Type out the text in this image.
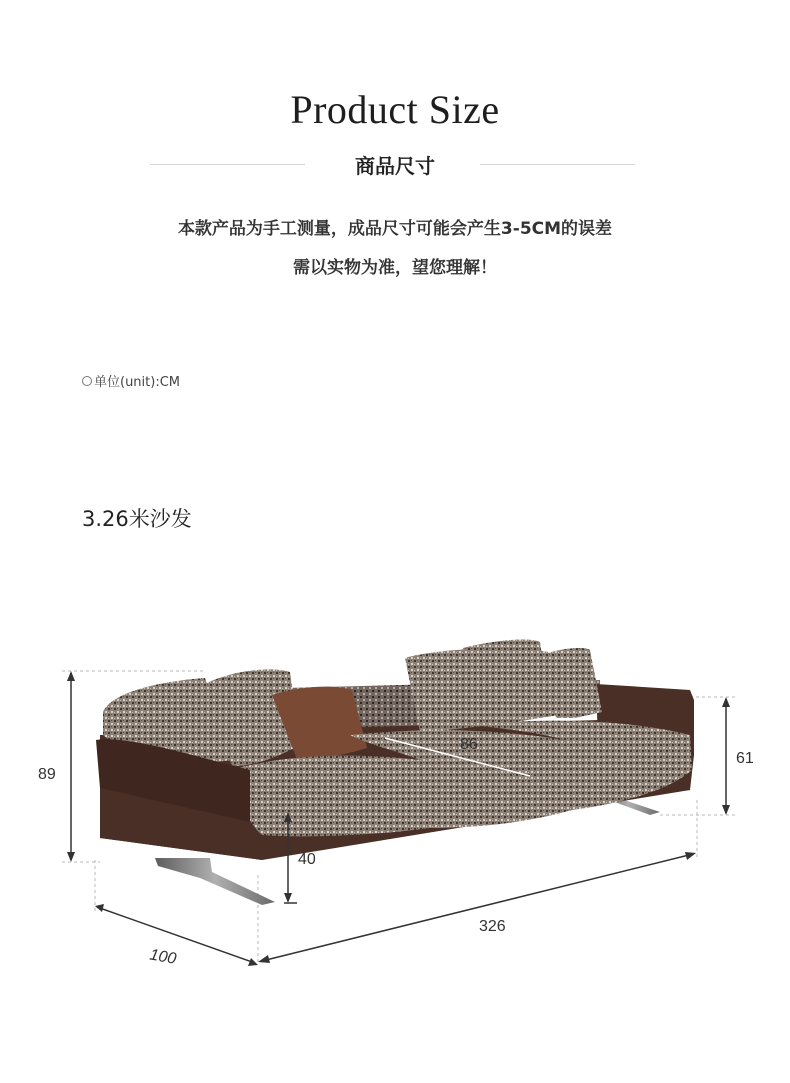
Product Size
商品尺寸
本款产品为手工测量，成品尺寸可能会产生3-5CM的误差
需以实物为准，望您理解！
单位(unit):CM
3.26米沙发
86
89
61
40
326
100
